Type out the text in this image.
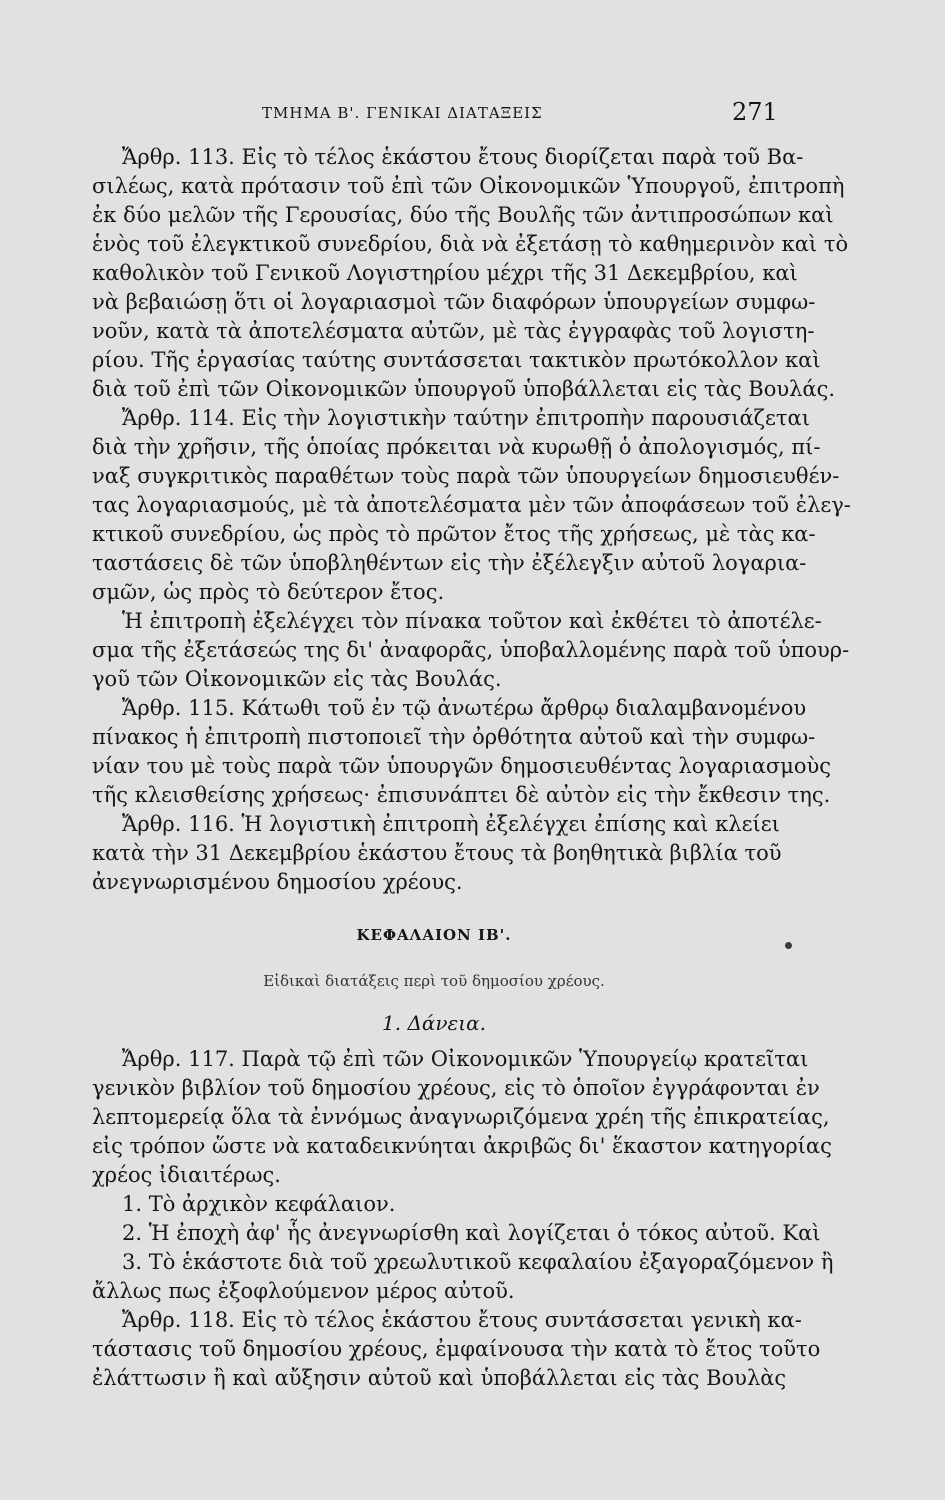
ΤΜΗΜΑ Β'. ΓΕΝΙΚΑΙ ΔΙΑΤΑΞΕΙΣ	271
Ἄρθρ. 113. Εἰς τὸ τέλος ἑκάστου ἔτους διορίζεται παρὰ τοῦ Βα-
σιλέως, κατὰ πρότασιν τοῦ ἐπὶ τῶν Οἰκονομικῶν Ὑπουργοῦ, ἐπιτροπὴ
ἐκ δύο μελῶν τῆς Γερουσίας, δύο τῆς Βουλῆς τῶν ἀντιπροσώπων καὶ
ἑνὸς τοῦ ἐλεγκτικοῦ συνεδρίου, διὰ νὰ ἐξετάσῃ τὸ καθημερινὸν καὶ τὸ
καθολικὸν τοῦ Γενικοῦ Λογιστηρίου μέχρι τῆς 31 Δεκεμβρίου, καὶ
νὰ βεβαιώσῃ ὅτι οἱ λογαριασμοὶ τῶν διαφόρων ὑπουργείων συμφω-
νοῦν, κατὰ τὰ ἀποτελέσματα αὐτῶν, μὲ τὰς ἐγγραφὰς τοῦ λογιστη-
ρίου. Τῆς ἐργασίας ταύτης συντάσσεται τακτικὸν πρωτόκολλον καὶ
διὰ τοῦ ἐπὶ τῶν Οἰκονομικῶν ὑπουργοῦ ὑποβάλλεται εἰς τὰς Βουλάς.
Ἄρθρ. 114. Εἰς τὴν λογιστικὴν ταύτην ἐπιτροπὴν παρουσιάζεται
διὰ τὴν χρῆσιν, τῆς ὁποίας πρόκειται νὰ κυρωθῇ ὁ ἀπολογισμός, πί-
ναξ συγκριτικὸς παραθέτων τοὺς παρὰ τῶν ὑπουργείων δημοσιευθέν-
τας λογαριασμούς, μὲ τὰ ἀποτελέσματα μὲν τῶν ἀποφάσεων τοῦ ἐλεγ-
κτικοῦ συνεδρίου, ὡς πρὸς τὸ πρῶτον ἔτος τῆς χρήσεως, μὲ τὰς κα-
ταστάσεις δὲ τῶν ὑποβληθέντων εἰς τὴν ἐξέλεγξιν αὐτοῦ λογαρια-
σμῶν, ὡς πρὸς τὸ δεύτερον ἔτος.
Ἡ ἐπιτροπὴ ἐξελέγχει τὸν πίνακα τοῦτον καὶ ἐκθέτει τὸ ἀποτέλε-
σμα τῆς ἐξετάσεώς της δι' ἀναφορᾶς, ὑποβαλλομένης παρὰ τοῦ ὑπουρ-
γοῦ τῶν Οἰκονομικῶν εἰς τὰς Βουλάς.
Ἄρθρ. 115. Κάτωθι τοῦ ἐν τῷ ἀνωτέρω ἄρθρῳ διαλαμβανομένου
πίνακος ἡ ἐπιτροπὴ πιστοποιεῖ τὴν ὀρθότητα αὐτοῦ καὶ τὴν συμφω-
νίαν του μὲ τοὺς παρὰ τῶν ὑπουργῶν δημοσιευθέντας λογαριασμοὺς
τῆς κλεισθείσης χρήσεως· ἐπισυνάπτει δὲ αὐτὸν εἰς τὴν ἔκθεσιν της.
Ἄρθρ. 116. Ἡ λογιστικὴ ἐπιτροπὴ ἐξελέγχει ἐπίσης καὶ κλείει
κατὰ τὴν 31 Δεκεμβρίου ἑκάστου ἔτους τὰ βοηθητικὰ βιβλία τοῦ
ἀνεγνωρισμένου δημοσίου χρέους.
ΚΕΦΑΛΑΙΟΝ ΙΒ'.
Εἰδικαὶ διατάξεις περὶ τοῦ δημοσίου χρέους.
1. Δάνεια.
Ἄρθρ. 117. Παρὰ τῷ ἐπὶ τῶν Οἰκονομικῶν Ὑπουργείῳ κρατεῖται
γενικὸν βιβλίον τοῦ δημοσίου χρέους, εἰς τὸ ὁποῖον ἐγγράφονται ἐν
λεπτομερείᾳ ὅλα τὰ ἐννόμως ἀναγνωριζόμενα χρέη τῆς ἐπικρατείας,
εἰς τρόπον ὥστε νὰ καταδεικνύηται ἀκριβῶς δι' ἕκαστον κατηγορίας
χρέος ἰδιαιτέρως.
1. Τὸ ἀρχικὸν κεφάλαιον.
2. Ἡ ἐποχὴ ἀφ' ἧς ἀνεγνωρίσθη καὶ λογίζεται ὁ τόκος αὐτοῦ. Καὶ
3. Τὸ ἑκάστοτε διὰ τοῦ χρεωλυτικοῦ κεφαλαίου ἐξαγοραζόμενον ἢ
ἄλλως πως ἐξοφλούμενον μέρος αὐτοῦ.
Ἄρθρ. 118. Εἰς τὸ τέλος ἑκάστου ἔτους συντάσσεται γενικὴ κα-
τάστασις τοῦ δημοσίου χρέους, ἐμφαίνουσα τὴν κατὰ τὸ ἔτος τοῦτο
ἐλάττωσιν ἢ καὶ αὔξησιν αὐτοῦ καὶ ὑποβάλλεται εἰς τὰς Βουλὰς
